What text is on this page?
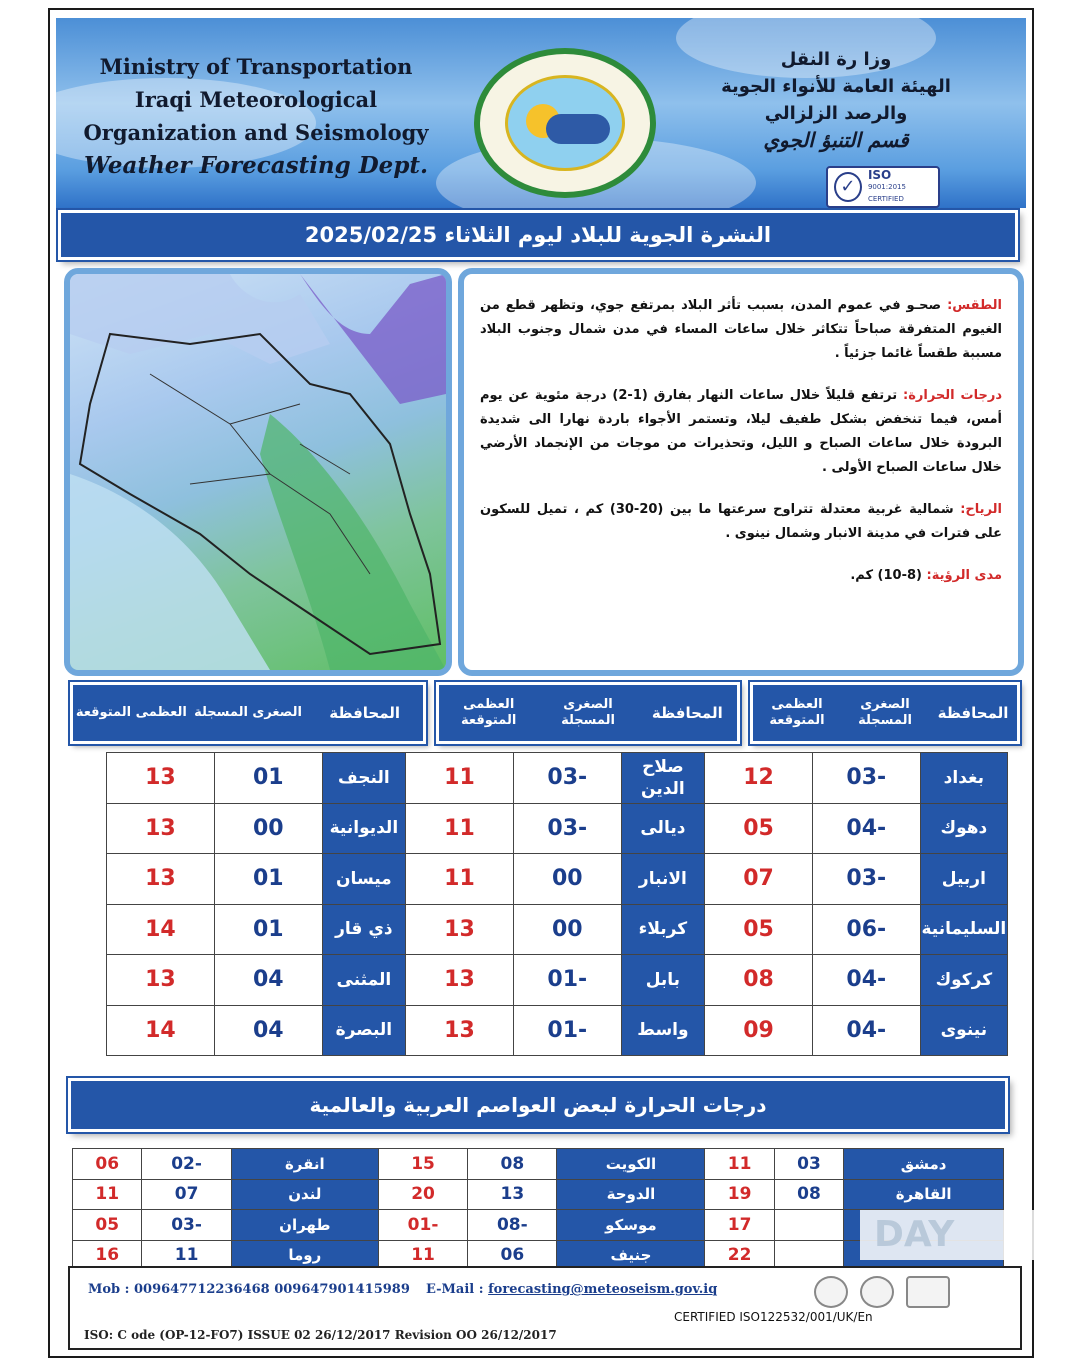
Ministry of Transportation
Iraqi Meteorological
Organization and Seismology
Weather Forecasting Dept.
وزا رة النقل
الهيئة العامة للأنواء الجوية
والرصد الزلزالي
قسم التنبؤ الجوي
✓
ISO
9001:2015 CERTIFIED
النشرة الجوية للبلاد ليوم الثلاثاء 2025/02/25

الطقس: صحـو في عموم المدن، بسبب تأثر البلاد بمرتفع جوي، وتظهر قطع من الغيوم المتفرقة صباحاً تتكاثر خلال ساعات المساء في مدن شمال وجنوب البلاد مسببة طقساً غائما جزئياً .

درجات الحرارة: ترتفع قليلاً خلال ساعات النهار بفارق (1-2) درجة مئوية عن يوم أمس، فيما تنخفض بشكل طفيف ليلا، وتستمر الأجواء باردة نهارا الى شديدة البرودة خلال ساعات الصباح و الليل، وتحذيرات من موجات من الإنجماد الأرضي خلال ساعات الصباح الأولى .

الرياح: شمالية غربية معتدلة تتراوح سرعتها ما بين (20-30) كم ، تميل للسكون على فترات في مدينة الانبار وشمال نينوى .

مدى الرؤية: (8-10) كم.

المحافظة
الصغرى المسجلة
العظمى المتوقعة
المحافظة
الصغرى المسجلة
العظمى المتوقعة
المحافظة
الصغرى المسجلة
العظمى المتوقعة
بغداد	-03	12	صلاح الدين	-03	11	النجف	01	13
دهوك	-04	05	ديالى	-03	11	الديوانية	00	13
اربيل	-03	07	الانبار	00	11	ميسان	01	13
السليمانية	-06	05	كربلاء	00	13	ذي قار	01	14
كركوك	-04	08	بابل	-01	13	المثنى	04	13
نينوى	-04	09	واسط	-01	13	البصرة	04	14
درجات الحرارة لبعض العواصم العربية والعالمية
دمشق	03	11	الكويت	08	15	انقرة	-02	06
القاهرة	08	19	الدوحة	13	20	لندن	07	11
		17	موسكو	-08	-01	طهران	-03	05
		22	جنيف	06	11	روما	11	16
Mob : 009647712236468 009647901415989 E-Mail : forecasting@meteoseism.gov.iq
CERTIFIED ISO122532/001/UK/En
ISO: C ode (OP-12-FO7) ISSUE 02 26/12/2017 Revision OO 26/12/2017
DAY
